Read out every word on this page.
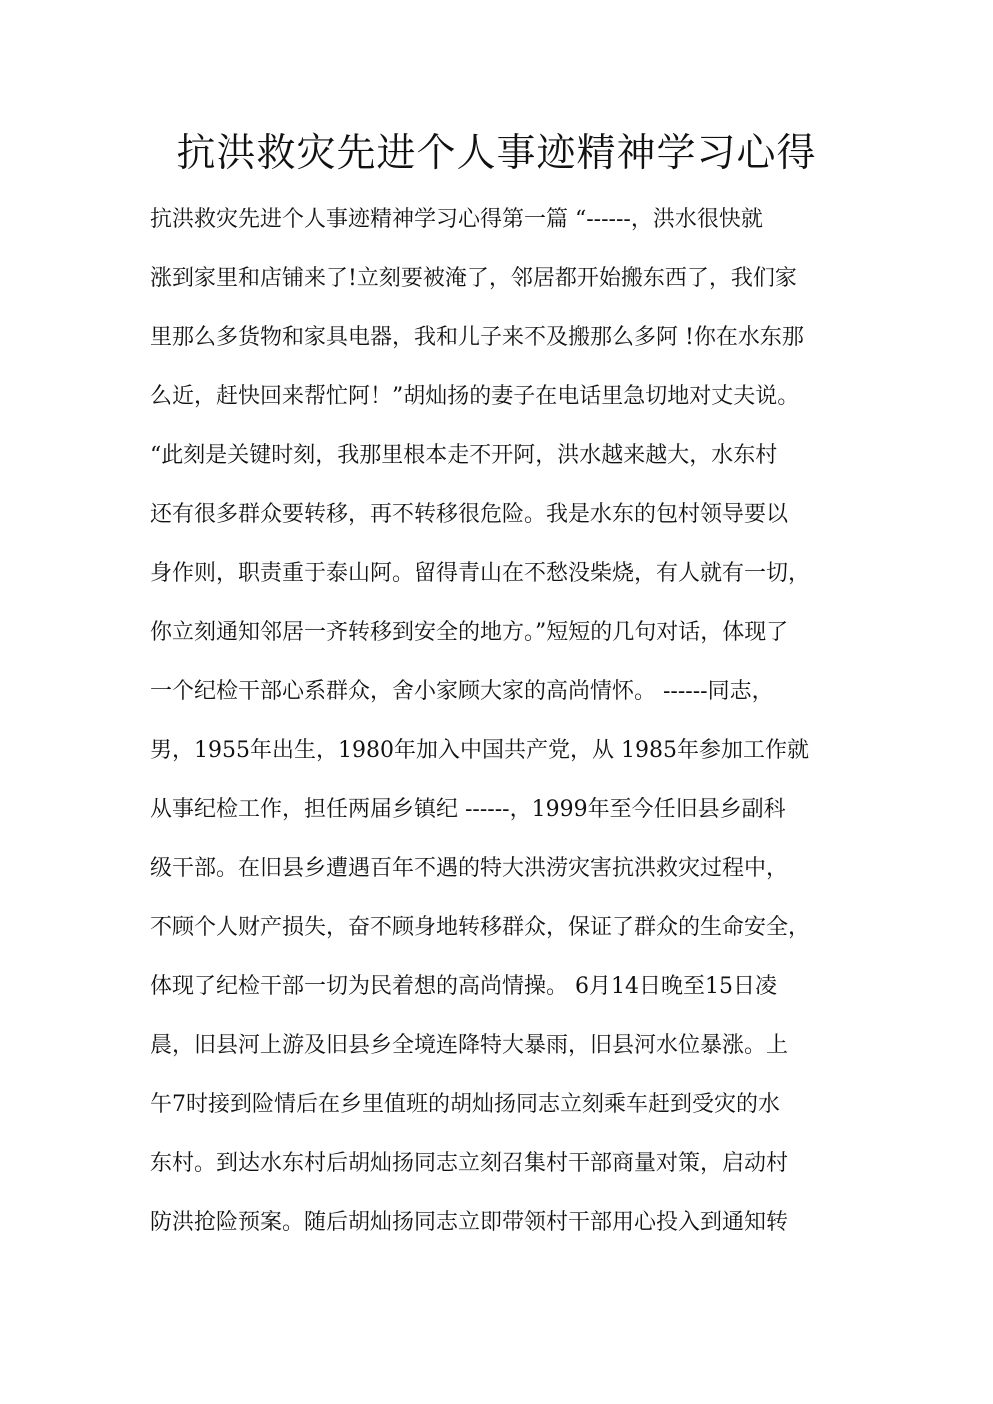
抗洪救灾先进个人事迹精神学习心得
抗洪救灾先进个人事迹精神学习心得第一篇 “------，洪水很快就
涨到家里和店铺来了!立刻要被淹了，邻居都开始搬东西了，我们家
里那么多货物和家具电器，我和儿子来不及搬那么多阿 !你在水东那
么近，赶快回来帮忙阿！”胡灿扬的妻子在电话里急切地对丈夫说。
“此刻是关键时刻，我那里根本走不开阿，洪水越来越大，水东村
还有很多群众要转移，再不转移很危险。我是水东的包村领导要以
身作则，职责重于泰山阿。留得青山在不愁没柴烧，有人就有一切，
你立刻通知邻居一齐转移到安全的地方。”短短的几句对话，体现了
一个纪检干部心系群众，舍小家顾大家的高尚情怀。 ------同志，
男，1955年出生，1980年加入中国共产党，从 1985年参加工作就
从事纪检工作，担任两届乡镇纪 ------，1999年至今任旧县乡副科
级干部。在旧县乡遭遇百年不遇的特大洪涝灾害抗洪救灾过程中，
不顾个人财产损失，奋不顾身地转移群众，保证了群众的生命安全，
体现了纪检干部一切为民着想的高尚情操。 6月14日晚至15日凌
晨，旧县河上游及旧县乡全境连降特大暴雨，旧县河水位暴涨。上
午7时接到险情后在乡里值班的胡灿扬同志立刻乘车赶到受灾的水
东村。到达水东村后胡灿扬同志立刻召集村干部商量对策，启动村
防洪抢险预案。随后胡灿扬同志立即带领村干部用心投入到通知转
